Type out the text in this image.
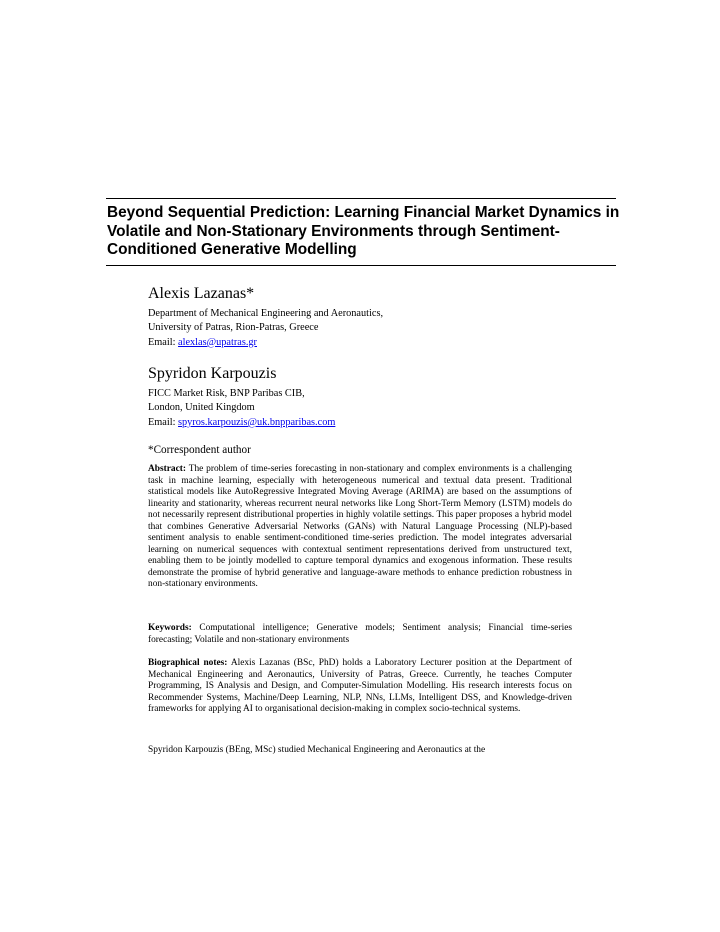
Beyond Sequential Prediction: Learning Financial Market Dynamics in Volatile and Non-Stationary Environments through Sentiment-Conditioned Generative Modelling

Alexis Lazanas*

Department of Mechanical Engineering and Aeronautics,

University of Patras, Rion-Patras, Greece

Email: alexlas@upatras.gr

Spyridon Karpouzis

FICC Market Risk, BNP Paribas CIB,

London, United Kingdom

Email: spyros.karpouzis@uk.bnpparibas.com

*Correspondent author

Abstract: The problem of time-series forecasting in non-stationary and complex environments is a challenging task in machine learning, especially with heterogeneous numerical and textual data present. Traditional statistical models like AutoRegressive Integrated Moving Average (ARIMA) are based on the assumptions of linearity and stationarity, whereas recurrent neural networks like Long Short-Term Memory (LSTM) models do not necessarily represent distributional properties in highly volatile settings. This paper proposes a hybrid model that combines Generative Adversarial Networks (GANs) with Natural Language Processing (NLP)-based sentiment analysis to enable sentiment-conditioned time-series prediction. The model integrates adversarial learning on numerical sequences with contextual sentiment representations derived from unstructured text, enabling them to be jointly modelled to capture temporal dynamics and exogenous information. These results demonstrate the promise of hybrid generative and language-aware methods to enhance prediction robustness in non-stationary environments.

Keywords: Computational intelligence; Generative models; Sentiment analysis; Financial time-series forecasting; Volatile and non-stationary environments

Biographical notes: Alexis Lazanas (BSc, PhD) holds a Laboratory Lecturer position at the Department of Mechanical Engineering and Aeronautics, University of Patras, Greece. Currently, he teaches Computer Programming, IS Analysis and Design, and Computer-Simulation Modelling. His research interests focus on Recommender Systems, Machine/Deep Learning, NLP, NNs, LLMs, Intelligent DSS, and Knowledge-driven frameworks for applying AI to organisational decision-making in complex socio-technical systems.

Spyridon Karpouzis (BEng, MSc) studied Mechanical Engineering and Aeronautics at the
